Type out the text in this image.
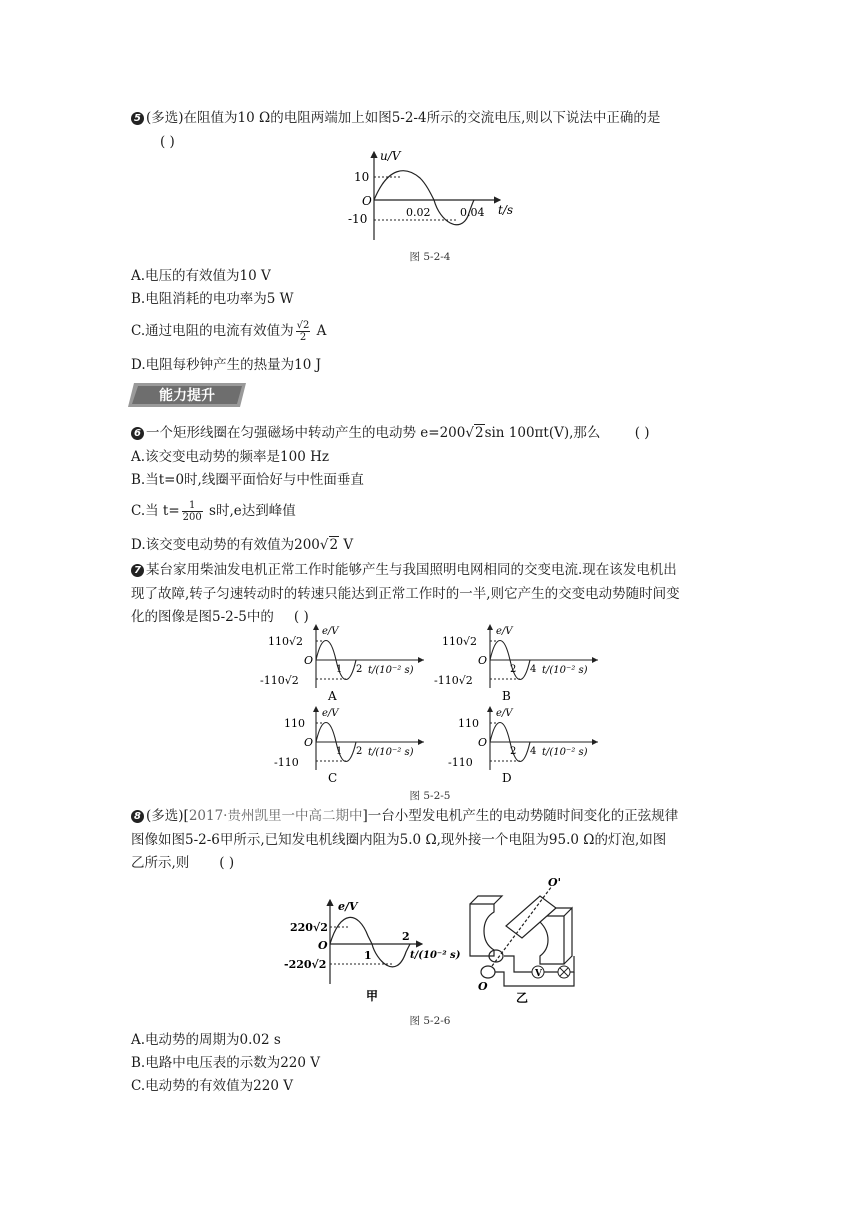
5 (多选)在阻值为10 Ω的电阻两端加上如图5-2-4所示的交流电压,则以下说法中正确的是
( )
u/V
10
O
-10	0.02	0.04 t/s
图 5-2-4
A.电压的有效值为10 V
B.电阻消耗的电功率为5 W
C.通过电阻的电流有效值为 $\frac{√2}{2}$ A
D.电阻每秒钟产生的热量为10 J
能力提升
6 一个矩形线圈在匀强磁场中转动产生的电动势 e=200√2sin 100πt(V),那么	( )
A.该交变电动势的频率是100 Hz
B.当t=0时,线圈平面恰好与中性面垂直
C.当 $t= \frac{1}{200}$ s时,e达到峰值
D.该交变电动势的有效值为200√2 V
7 某台家用柴油发电机正常工作时能够产生与我国照明电网相同的交变电流.现在该发电机出
现了故障,转子匀速转动时的转速只能达到正常工作时的一半,则它产生的交变电动势随时间变
化的图像是图5-2-5中的 ( )
e/V
110√2
O
-110√2
1 2 t/(10⁻² s)
A
e/V
110√2
O
-110√2
2 4 t/(10⁻² s)
B
e/V
110
O
-110
1 2 t/(10⁻² s)
C
e/V
110
O
-110
2 4 t/(10⁻² s)
D
图 5-2-5
8 (多选)[2017·贵州凯里一中高二期中]一台小型发电机产生的电动势随时间变化的正弦规律
图像如图5-2-6甲所示,已知发电机线圈内阻为5.0 Ω,现外接一个电阻为95.0 Ω的灯泡,如图
乙所示,则 ( )
e/V
220√2
O
-220√2
1
2
t/(10⁻² s)
甲
V
O'
O
乙
图 5-2-6
A.电动势的周期为0.02 s
B.电路中电压表的示数为220 V
C.电动势的有效值为220 V
